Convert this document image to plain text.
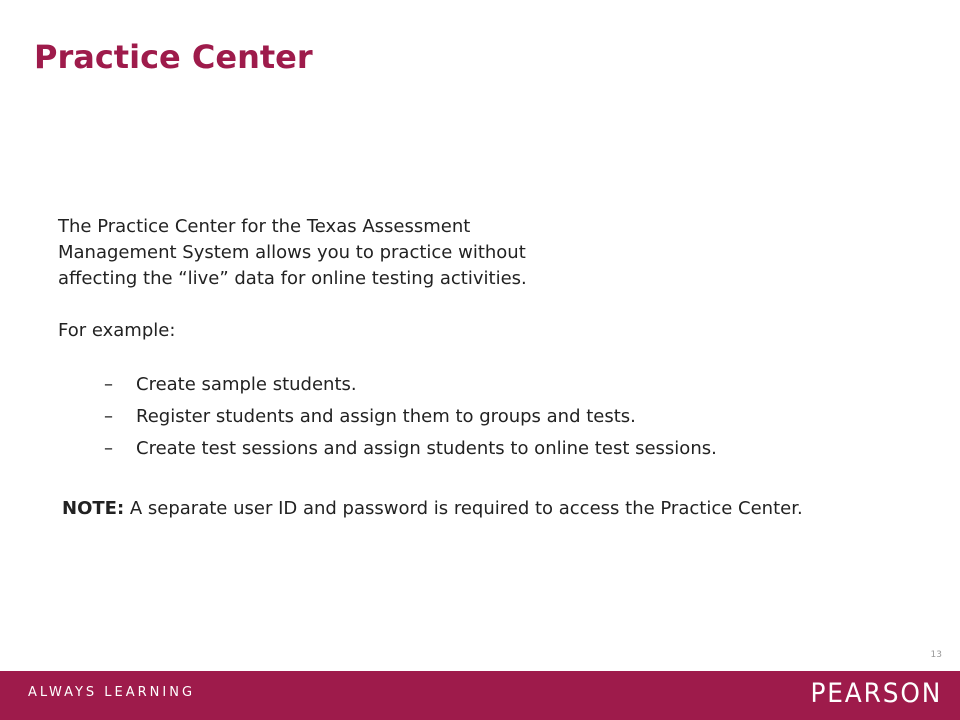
Practice Center

The Practice Center for the Texas Assessment
Management System allows you to practice without
affecting the “live” data for online testing activities.

For example:

– Create sample students.
– Register students and assign them to groups and tests.
– Create test sessions and assign students to online test sessions.

NOTE: A separate user ID and password is required to access the Practice Center.

13
ALWAYS LEARNING	PEARSON
